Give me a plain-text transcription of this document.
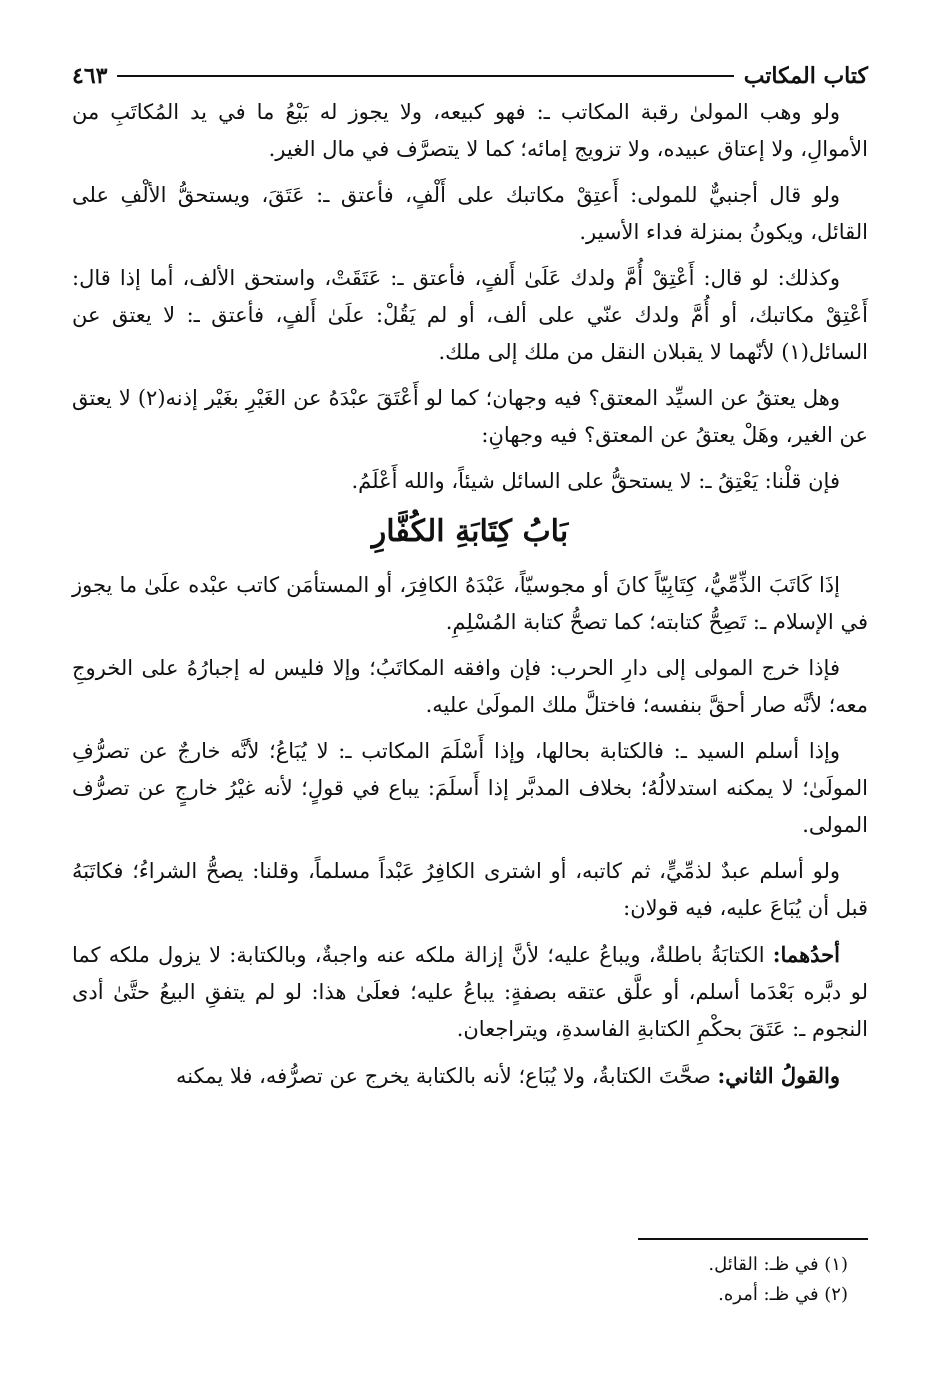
كتاب المكاتب
٤٦٣

ولو وهب المولىٰ رقبة المكاتب ـ: فهو كبيعه، ولا يجوز له بَيْعُ ما في يد المُكاتَبِ من الأموالِ، ولا إعتاق عبيده، ولا تزويج إمائه؛ كما لا يتصرَّف في مال الغير.

ولو قال أجنبيٌّ للمولى: أَعتِقْ مكاتبك على أَلْفٍ، فأعتق ـ: عَتَقَ، ويستحقُّ الألْفِ على القائل، ويكونُ بمنزلة فداء الأسير.

وكذلك: لو قال: أَعْتِقْ أُمَّ ولدك عَلَىٰ أَلفٍ، فأعتق ـ: عَتَقَتْ، واستحق الألف، أما إذا قال: أَعْتِقْ مكاتبك، أو أُمَّ ولدك عنّي على ألف، أو لم يَقُلْ: علَىٰ أَلفٍ، فأعتق ـ: لا يعتق عن السائل(١) لأنّهما لا يقبلان النقل من ملك إلى ملك.

وهل يعتقُ عن السيِّد المعتق؟ فيه وجهان؛ كما لو أَعْتَقَ عبْدَهُ عن الغَيْرِ بغَيْر إذنه(٢) لا يعتق عن الغير، وهَلْ يعتقُ عن المعتق؟ فيه وجهانِ:

فإن قلْنا: يَعْتِقُ ـ: لا يستحقُّ على السائل شيئاً، والله أَعْلَمُ.

بَابُ كِتَابَةِ الكُفَّارِ

إذَا كَاتَبَ الذِّمِّيُّ، كِتَابِيّاً كانَ أو مجوسيّاً، عَبْدَهُ الكافِرَ، أو المستأمَن كاتب عبْده علَىٰ ما يجوز في الإسلام ـ: تَصِحُّ كتابته؛ كما تصحُّ كتابة المُسْلِمِ.

فإذا خرج المولى إلى دارِ الحرب: فإن وافقه المكاتَبُ؛ وإلا فليس له إجبارُهُ على الخروجِ معه؛ لأنَّه صار أحقَّ بنفسه؛ فاختلَّ ملك المولَىٰ عليه.

وإذا أسلم السيد ـ: فالكتابة بحالها، وإذا أَسْلَمَ المكاتب ـ: لا يُبَاعُ؛ لأنَّه خارجٌ عن تصرُّفِ المولَىٰ؛ لا يمكنه استدلالُهُ؛ بخلاف المدبَّر إذا أَسلَمَ: يباع في قولٍ؛ لأنه غيْرُ خارجٍ عن تصرُّف المولى.

ولو أسلم عبدٌ لذمِّيٍّ، ثم كاتبه، أو اشترى الكافِرُ عَبْداً مسلماً، وقلنا: يصحُّ الشراءُ؛ فكاتَبَهُ قبل أن يُبَاعَ عليه، فيه قولان:

أحدُهما: الكتابَةُ باطلةٌ، ويباعُ عليه؛ لأنَّ إزالة ملكه عنه واجبةٌ، وبالكتابة: لا يزول ملكه كما لو دبَّره بَعْدَما أسلم، أو علَّق عتقه بصفةٍ: يباعُ عليه؛ فعلَىٰ هذا: لو لم يتفقِ البيعُ حتَّىٰ أدى النجوم ـ: عَتَقَ بحكْمِ الكتابةِ الفاسدةِ، ويتراجعان.

والقولُ الثاني: صحَّتَ الكتابةُ، ولا يُبَاع؛ لأنه بالكتابة يخرج عن تصرُّفه، فلا يمكنه

(١) في ظـ: القائل.
(٢) في ظـ: أمره.
